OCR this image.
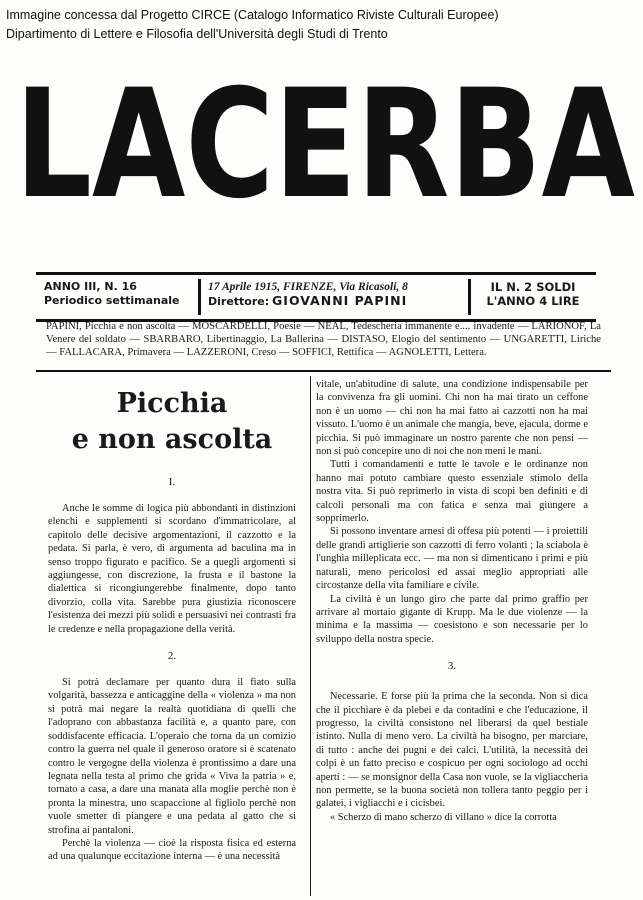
Immagine concessa dal Progetto CIRCE (Catalogo Informatico Riviste Culturali Europee)
Dipartimento di Lettere e Filosofia dell'Università degli Studi di Trento
LACERBA
ANNO III, N. 16
Periodico settimanale
17 Aprile 1915, FIRENZE, Via Ricasoli, 8
Direttore: GIOVANNI PAPINI
IL N. 2 SOLDI
L'ANNO 4 LIRE
PAPINI, Picchia e non ascolta — MOSCARDELLI, Poesie — NEAL, Tedescheria immanente e.... invadente — LARIONOF, La Venere del soldato — SBARBARO, Libertinaggio, La Ballerina — DISTASO, Elogio del sentimento — UNGARETTI, Liriche — FALLACARA, Primavera — LAZZERONI, Creso — SOFFICI, Rettifica — AGNOLETTI, Lettera.
Picchia
e non ascolta
I.

Anche le somme di logica più abbondanti in distinzioni elenchi e supplementi si scordano d'immatricolare, al capitolo delle decisive argomentazioni, il cazzotto e la pedata. Si parla, è vero, di argumenta ad baculina ma in senso troppo figurato e pacifico. Se a quegli argomenti si aggiungesse, con discrezione, la frusta e il bastone la dialettica si ricongiungerebbe finalmente, dopo tanto divorzio, colla vita. Sarebbe pura giustizia riconoscere l'esistenza dei mezzi più solidi e persuasivi nei contrasti fra le credenze e nella propagazione della verità.

2.

Si potrà declamare per quanto dura il fiato sulla volgarità, bassezza e anticaggine della « violenza » ma non si potrà mai negare la realtà quotidiana di quelli che l'adoprano con abbastanza facilità e, a quanto pare, con soddisfacente efficacia. L'operaio che torna da un comizio contro la guerra nel quale il generoso oratore si è scatenato contro le vergogne della violenza è prontissimo a dare una legnata nella testa al primo che grida « Viva la patria » e, tornato a casa, a dare una manata alla moglie perchè non è pronta la minestra, uno scapaccione al figliolo perchè non vuole smetter di piangere e una pedata al gatto che si strofina ai pantaloni.

Perchè la violenza — cioè la risposta fisica ed esterna ad una qualunque eccitazione interna — è una necessità

vitale, un'abitudine di salute, una condizione indispensabile per la convivenza fra gli uomini. Chi non ha mai tirato un ceffone non è un uomo — chi non ha mai fatto ai cazzotti non ha mai vissuto. L'uomo è un animale che mangia, beve, ejacula, dorme e picchia. Si può immaginare un nostro parente che non pensi — non si può concepire uno di noi che non meni le mani.

Tutti i comandamenti e tutte le tavole e le ordinanze non hanno mai potuto cambiare questo essenziale stimolo della nostra vita. Si può reprimerlo in vista di scopi ben definiti e di calcoli personali ma con fatica e senza mai giungere a sopprimerlo.

Si possono inventare arnesi di offesa più potenti — i proiettili delle grandi artiglierie son cazzotti di ferro volanti ; la sciabola è l'unghia milleplicata ecc. — ma non si dimenticano i primi e più naturali, meno pericolosi ed assai meglio appropriati alle circostanze della vita familiare e civile.

La civiltà è un lungo giro che parte dal primo graffio per arrivare al mortaio gigante di Krupp. Ma le due violenze — la minima e la massima — coesistono e son necessarie per lo sviluppo della nostra specie.

3.

Necessarie. E forse più la prima che la seconda. Non si dica che il picchiare è da plebei e da contadini e che l'educazione, il progresso, la civiltà consistono nel liberarsi da quel bestiale istinto. Nulla di meno vero. La civiltà ha bisogno, per marciare, di tutto : anche dei pugni e dei calci. L'utilità, la necessità dei colpi è un fatto preciso e cospicuo per ogni sociologo ad occhi aperti : — se monsignor della Casa non vuole, se la vigliaccheria non permette, se la buona società non tollera tanto peggio per i galatei, i vigliacchi e i cicisbei.

« Scherzo di mano scherzo di villano » dice la corrotta
